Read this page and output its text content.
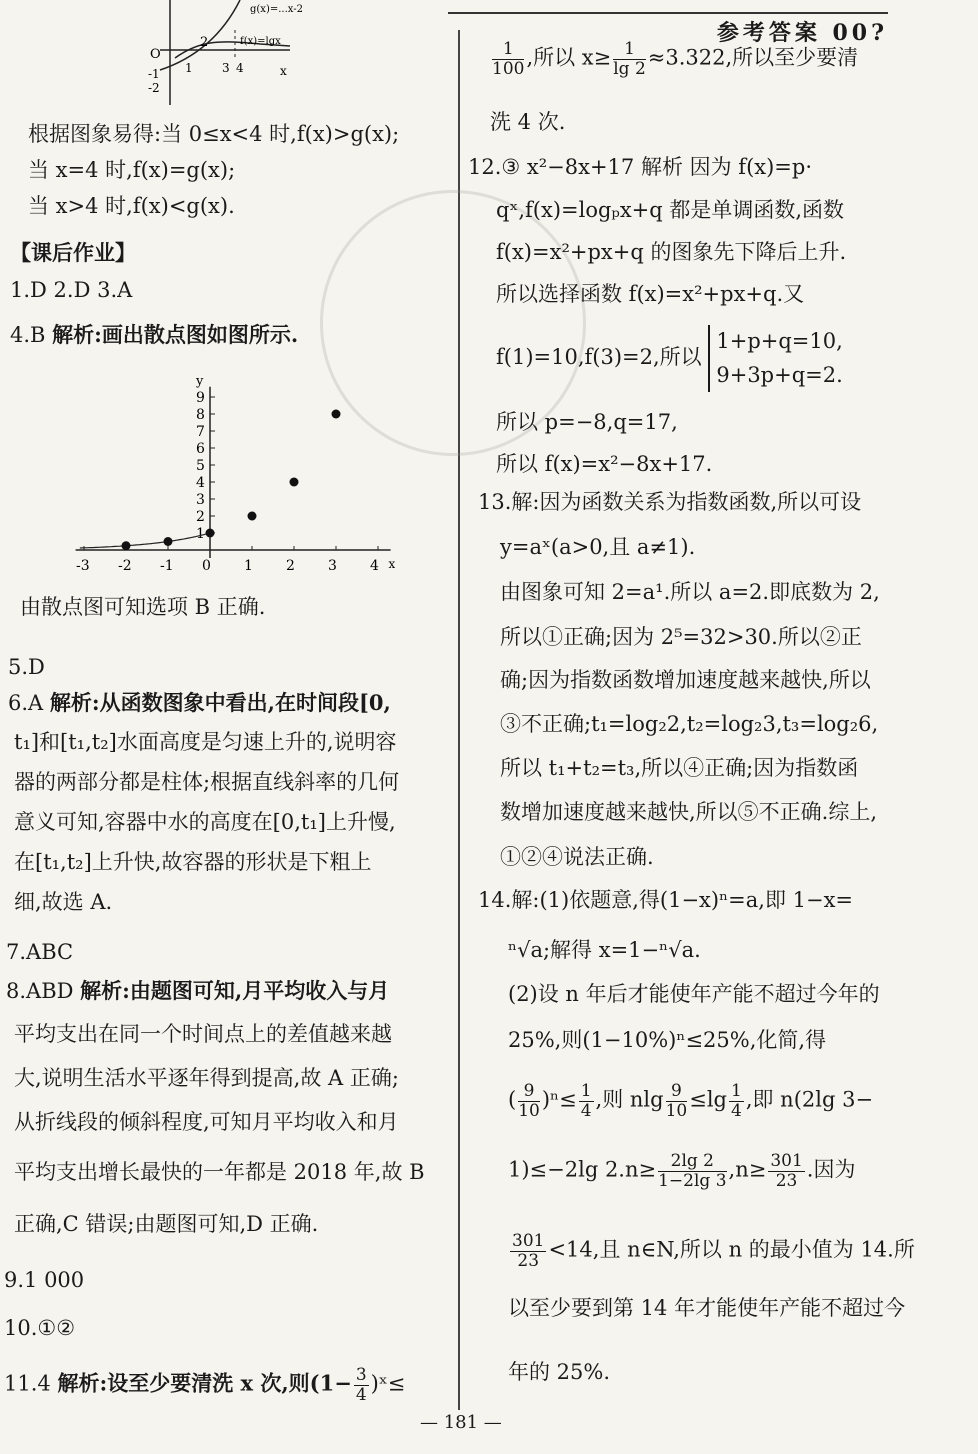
参考答案 00?
O
-1
-2
1 3 4	x
2	f(x)=lgx
g(x)=...x-2
根据图象易得:当 0≤x<4 时,f(x)>g(x);
当 x=4 时,f(x)=g(x);
当 x>4 时,f(x)<g(x).
【课后作业】
1.D 2.D 3.A
4.B 解析:画出散点图如图所示.
-3 -2 -1 0 1 2 3 4 x
1
2
3
4
5
6
7
8
9
y
由散点图可知选项 B 正确.
5.D
6.A 解析:从函数图象中看出,在时间段[0,
t₁]和[t₁,t₂]水面高度是匀速上升的,说明容
器的两部分都是柱体;根据直线斜率的几何
意义可知,容器中水的高度在[0,t₁]上升慢,
在[t₁,t₂]上升快,故容器的形状是下粗上
细,故选 A.
7.ABC
8.ABD 解析:由题图可知,月平均收入与月
平均支出在同一个时间点上的差值越来越
大,说明生活水平逐年得到提高,故 A 正确;
从折线段的倾斜程度,可知月平均收入和月
平均支出增长最快的一年都是 2018 年,故 B
正确,C 错误;由题图可知,D 正确.
9.1 000
10.①②
11.4 解析:设至少要清洗 x 次,则($1- \frac{3}{4}$ )ˣ≤
$\frac{1}{100}$ ,所以 $x\ge \frac{1}{\lg 2} \approx 3.322$,所以至少要清
洗 4 次.
12.③ x²−8x+17 解析 因为 f(x)=p·
qˣ,f(x)=logₚx+q 都是单调函数,函数
f(x)=x²+px+q 的图象先下降后上升.
所以选择函数 f(x)=x²+px+q.又
f(1)=10,f(3)=2,所以
1+p+q=10,
9+3p+q=2.
所以 p=−8,q=17,
所以 f(x)=x²−8x+17.
13.解:因为函数关系为指数函数,所以可设
y=aˣ(a>0,且 a≠1).
由图象可知 2=a¹.所以 a=2.即底数为 2,
所以①正确;因为 2⁵=32>30.所以②正
确;因为指数函数增加速度越来越快,所以
③不正确;t₁=log₂2,t₂=log₂3,t₃=log₂6,
所以 t₁+t₂=t₃,所以④正确;因为指数函
数增加速度越来越快,所以⑤不正确.综上,
①②④说法正确.
14.解:(1)依题意,得(1−x)ⁿ=a,即 1−x=
ⁿ√a;解得 x=1−ⁿ√a.
(2)设 n 年后才能使年产能不超过今年的
25%,则(1−10%)ⁿ≤25%,化简,得
( $\frac{9}{10} )^n\le \frac{1}{4}$ ,则 nlg $\frac{9}{10} \le\lg \frac{1}{4}$ ,即 n(2lg 3−
1)≤−2lg $2.n\ge \frac{2\lg 2}{1-2\lg 3} ,n\ge \frac{301}{23}$ .因为
$\frac{301}{23} <14$,且 n∈N,所以 n 的最小值为 14.所
以至少要到第 14 年才能使年产能不超过今
年的 25%.
— 181 —
